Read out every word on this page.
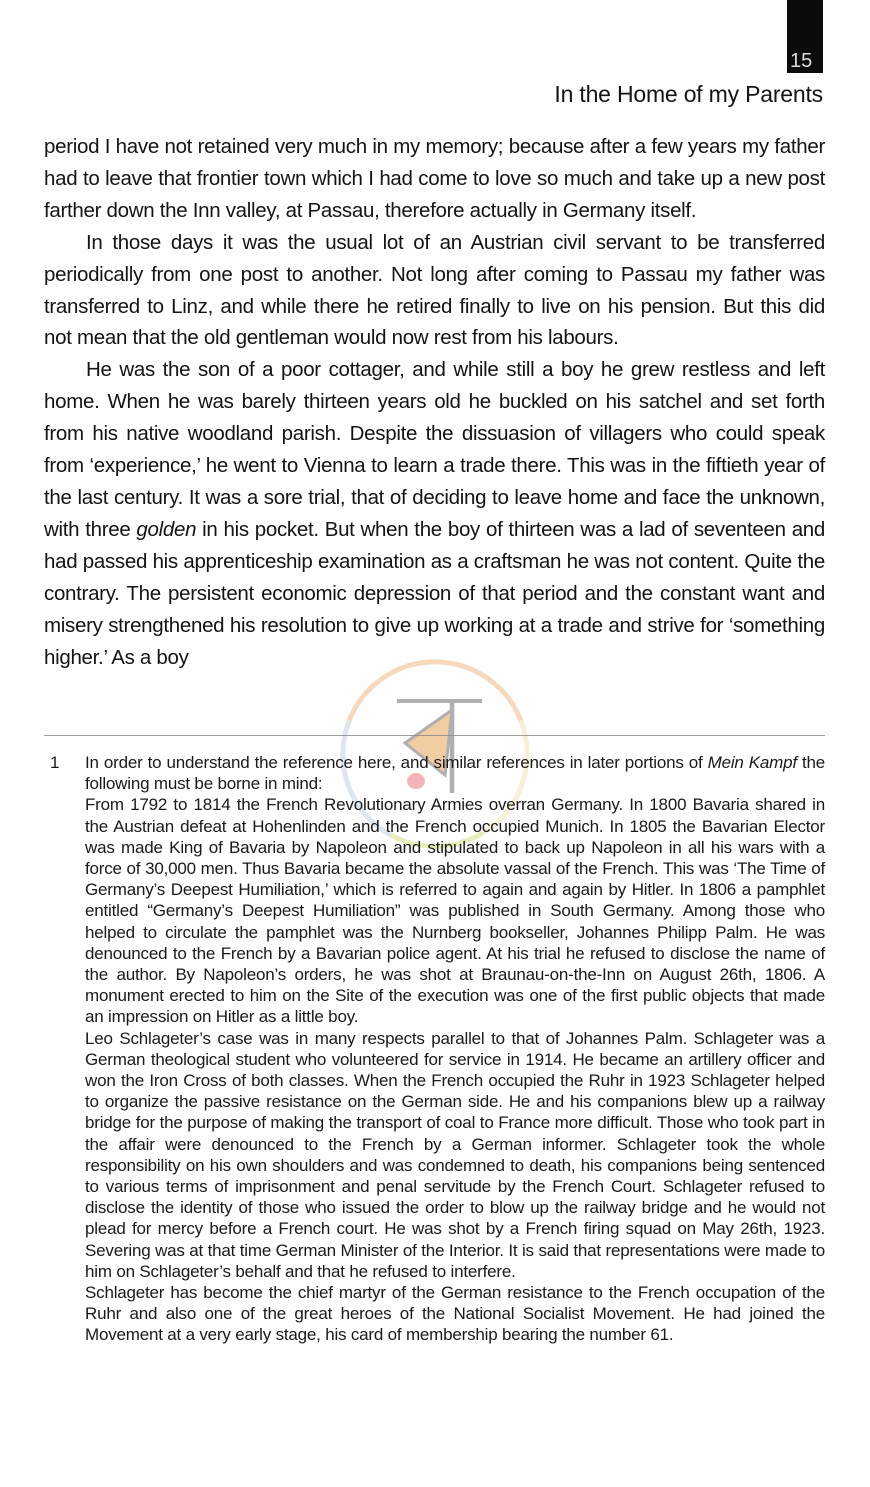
15
In the Home of my Parents

period I have not retained very much in my memory; because after a few years my father had to leave that frontier town which I had come to love so much and take up a new post farther down the Inn valley, at Passau, therefore actually in Germany itself.

In those days it was the usual lot of an Austrian civil servant to be transferred periodically from one post to another. Not long after coming to Passau my father was transferred to Linz, and while there he retired finally to live on his pension. But this did not mean that the old gentleman would now rest from his labours.

He was the son of a poor cottager, and while still a boy he grew restless and left home. When he was barely thirteen years old he buckled on his satchel and set forth from his native woodland parish. Despite the dissuasion of villagers who could speak from ‘experience,’ he went to Vienna to learn a trade there. This was in the fiftieth year of the last century. It was a sore trial, that of deciding to leave home and face the unknown, with three golden in his pocket. But when the boy of thirteen was a lad of seventeen and had passed his apprenticeship examination as a craftsman he was not content. Quite the contrary. The persistent economic depression of that period and the constant want and misery strengthened his resolution to give up working at a trade and strive for ‘something higher.’ As a boy

1 In order to understand the reference here, and similar references in later portions of Mein Kampf the following must be borne in mind:

From 1792 to 1814 the French Revolutionary Armies overran Germany. In 1800 Bavaria shared in the Austrian defeat at Hohenlinden and the French occupied Munich. In 1805 the Bavarian Elector was made King of Bavaria by Napoleon and stipulated to back up Napoleon in all his wars with a force of 30,000 men. Thus Bavaria became the absolute vassal of the French. This was ‘The Time of Germany’s Deepest Humiliation,’ which is referred to again and again by Hitler. In 1806 a pamphlet entitled “Germany’s Deepest Humiliation” was published in South Germany. Among those who helped to circulate the pamphlet was the Nurnberg bookseller, Johannes Philipp Palm. He was denounced to the French by a Bavarian police agent. At his trial he refused to disclose the name of the author. By Napoleon’s orders, he was shot at Braunau-on-the-Inn on August 26th, 1806. A monument erected to him on the Site of the execution was one of the first public objects that made an impression on Hitler as a little boy.

Leo Schlageter’s case was in many respects parallel to that of Johannes Palm. Schlageter was a German theological student who volunteered for service in 1914. He became an artillery officer and won the Iron Cross of both classes. When the French occupied the Ruhr in 1923 Schlageter helped to organize the passive resistance on the German side. He and his companions blew up a railway bridge for the purpose of making the transport of coal to France more difficult. Those who took part in the affair were denounced to the French by a German informer. Schlageter took the whole responsibility on his own shoulders and was condemned to death, his companions being sentenced to various terms of imprisonment and penal servitude by the French Court. Schlageter refused to disclose the identity of those who issued the order to blow up the railway bridge and he would not plead for mercy before a French court. He was shot by a French firing squad on May 26th, 1923. Severing was at that time German Minister of the Interior. It is said that representations were made to him on Schlageter’s behalf and that he refused to interfere.

Schlageter has become the chief martyr of the German resistance to the French occupation of the Ruhr and also one of the great heroes of the National Socialist Movement. He had joined the Movement at a very early stage, his card of membership bearing the number 61.
